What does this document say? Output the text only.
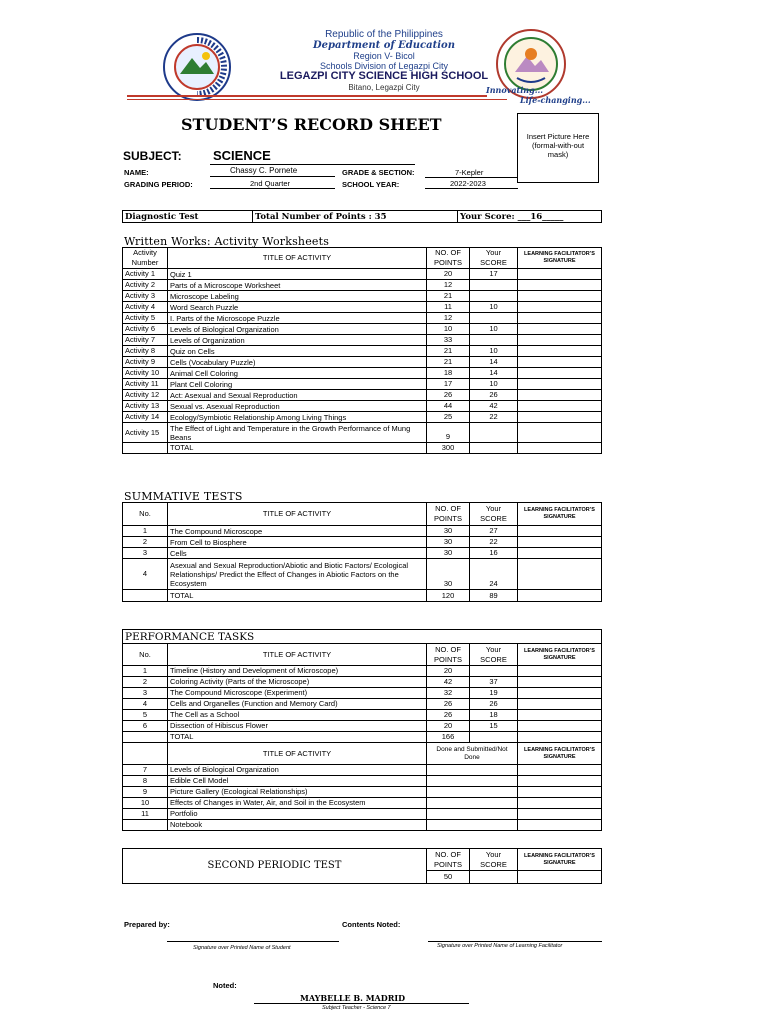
Republic of the Philippines
Department of Education
Region V- Bicol
Schools Division of Legazpi City
LEGAZPI CITY SCIENCE HIGH SCHOOL
Bitano, Legazpi City	Innovating...
Life-changing...
STUDENT’S RECORD SHEET
Insert Picture Here (formal-with-out mask)
SUBJECT: SCIENCE
NAME:	Chassy C. Pornete	GRADE & SECTION:	7-Kepler
GRADING PERIOD:	2nd Quarter	SCHOOL YEAR:	2022-2023
Diagnostic Test	Total Number of Points : 35	Your Score: ___16_____
Written Works: Activity Worksheets
Activity Number	TITLE OF ACTIVITY	NO. OF POINTS	Your SCORE	LEARNING FACILITATOR’S SIGNATURE
Activity 1	Quiz 1	20	17	
Activity 2	Parts of a Microscope Worksheet	12		
Activity 3	Microscope Labeling	21		
Activity 4	Word Search Puzzle	11	10	
Activity 5	I. Parts of the Microscope Puzzle	12		
Activity 6	Levels of Biological Organization	10	10	
Activity 7	Levels of Organization	33		
Activity 8	Quiz on Cells	21	10	
Activity 9	Cells (Vocabulary Puzzle)	21	14	
Activity 10	Animal Cell Coloring	18	14	
Activity 11	Plant Cell Coloring	17	10	
Activity 12	Act: Asexual and Sexual Reproduction	26	26	
Activity 13	Sexual vs. Asexual Reproduction	44	42	
Activity 14	Ecology/Symbiotic Relationship Among Living Things	25	22	
Activity 15	The Effect of Light and Temperature in the Growth Performance of Mung Beans	9		
	TOTAL	300		
SUMMATIVE TESTS
No.	TITLE OF ACTIVITY	NO. OF POINTS	Your SCORE	LEARNING FACILITATOR’S SIGNATURE
1	The Compound Microscope	30	27	
2	From Cell to Biosphere	30	22	
3	Cells	30	16	
4	Asexual and Sexual Reproduction/Abiotic and Biotic Factors/ Ecological Relationships/ Predict the Effect of Changes in Abiotic Factors on the Ecosystem	30	24	
	TOTAL	120	89	
PERFORMANCE TASKS				
No.	TITLE OF ACTIVITY	NO. OF POINTS	Your SCORE	LEARNING FACILITATOR’S SIGNATURE
1	Timeline (History and Development of Microscope)	20		
2	Coloring Activity (Parts of the Microscope)	42	37	
3	The Compound Microscope (Experiment)	32	19	
4	Cells and Organelles (Function and Memory Card)	26	26	
5	The Cell as a School	26	18	
6	Dissection of Hibiscus Flower	20	15	
	TOTAL	166		
	TITLE OF ACTIVITY	Done and Submitted/Not Done		LEARNING FACILITATOR’S SIGNATURE
7	Levels of Biological Organization			
8	Edible Cell Model			
9	Picture Gallery (Ecological Relationships)			
10	Effects of Changes in Water, Air, and Soil in the Ecosystem			
11	Portfolio			
	Notebook			
SECOND PERIODIC TEST	NO. OF POINTS	Your SCORE	LEARNING FACILITATOR’S SIGNATURE
	50		
Prepared by:	Contents Noted:
Signature over Printed Name of Student	Signature over Printed Name of Learning Facilitator
Noted:
MAYBELLE B. MADRID
Subject Teacher - Science 7
